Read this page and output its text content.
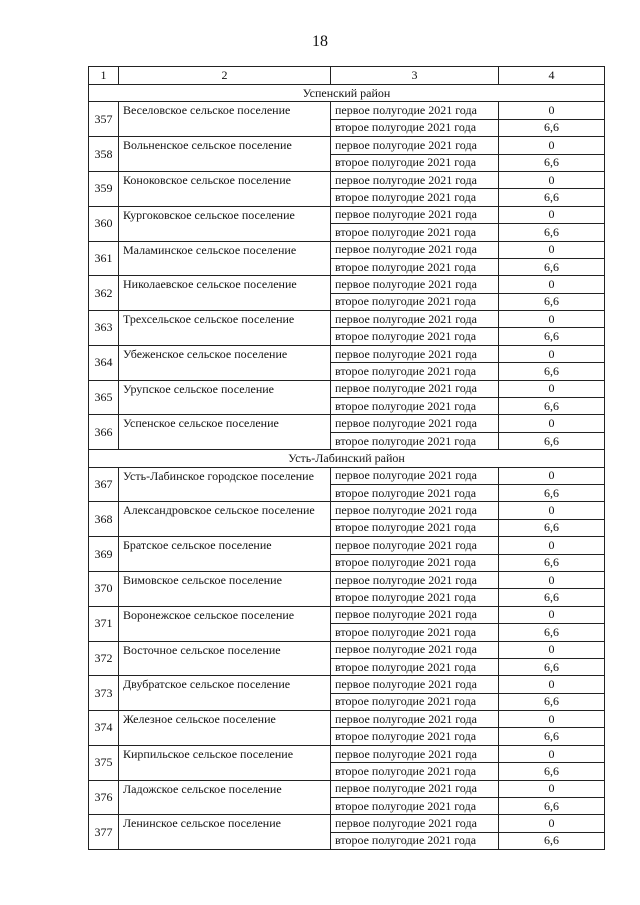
18
1	2	3	4
Успенский район			
357	Веселовское сельское поселение	первое полугодие 2021 года	0
		второе полугодие 2021 года	6,6
358	Вольненское сельское поселение	первое полугодие 2021 года	0
		второе полугодие 2021 года	6,6
359	Коноковское сельское поселение	первое полугодие 2021 года	0
		второе полугодие 2021 года	6,6
360	Кургоковское сельское поселение	первое полугодие 2021 года	0
		второе полугодие 2021 года	6,6
361	Маламинское сельское поселение	первое полугодие 2021 года	0
		второе полугодие 2021 года	6,6
362	Николаевское сельское поселение	первое полугодие 2021 года	0
		второе полугодие 2021 года	6,6
363	Трехсельское сельское поселение	первое полугодие 2021 года	0
		второе полугодие 2021 года	6,6
364	Убеженское сельское поселение	первое полугодие 2021 года	0
		второе полугодие 2021 года	6,6
365	Урупское сельское поселение	первое полугодие 2021 года	0
		второе полугодие 2021 года	6,6
366	Успенское сельское поселение	первое полугодие 2021 года	0
		второе полугодие 2021 года	6,6
Усть-Лабинский район			
367	Усть-Лабинское городское поселение	первое полугодие 2021 года	0
		второе полугодие 2021 года	6,6
368	Александровское сельское поселение	первое полугодие 2021 года	0
		второе полугодие 2021 года	6,6
369	Братское сельское поселение	первое полугодие 2021 года	0
		второе полугодие 2021 года	6,6
370	Вимовское сельское поселение	первое полугодие 2021 года	0
		второе полугодие 2021 года	6,6
371	Воронежское сельское поселение	первое полугодие 2021 года	0
		второе полугодие 2021 года	6,6
372	Восточное сельское поселение	первое полугодие 2021 года	0
		второе полугодие 2021 года	6,6
373	Двубратское сельское поселение	первое полугодие 2021 года	0
		второе полугодие 2021 года	6,6
374	Железное сельское поселение	первое полугодие 2021 года	0
		второе полугодие 2021 года	6,6
375	Кирпильское сельское поселение	первое полугодие 2021 года	0
		второе полугодие 2021 года	6,6
376	Ладожское сельское поселение	первое полугодие 2021 года	0
		второе полугодие 2021 года	6,6
377	Ленинское сельское поселение	первое полугодие 2021 года	0
		второе полугодие 2021 года	6,6
